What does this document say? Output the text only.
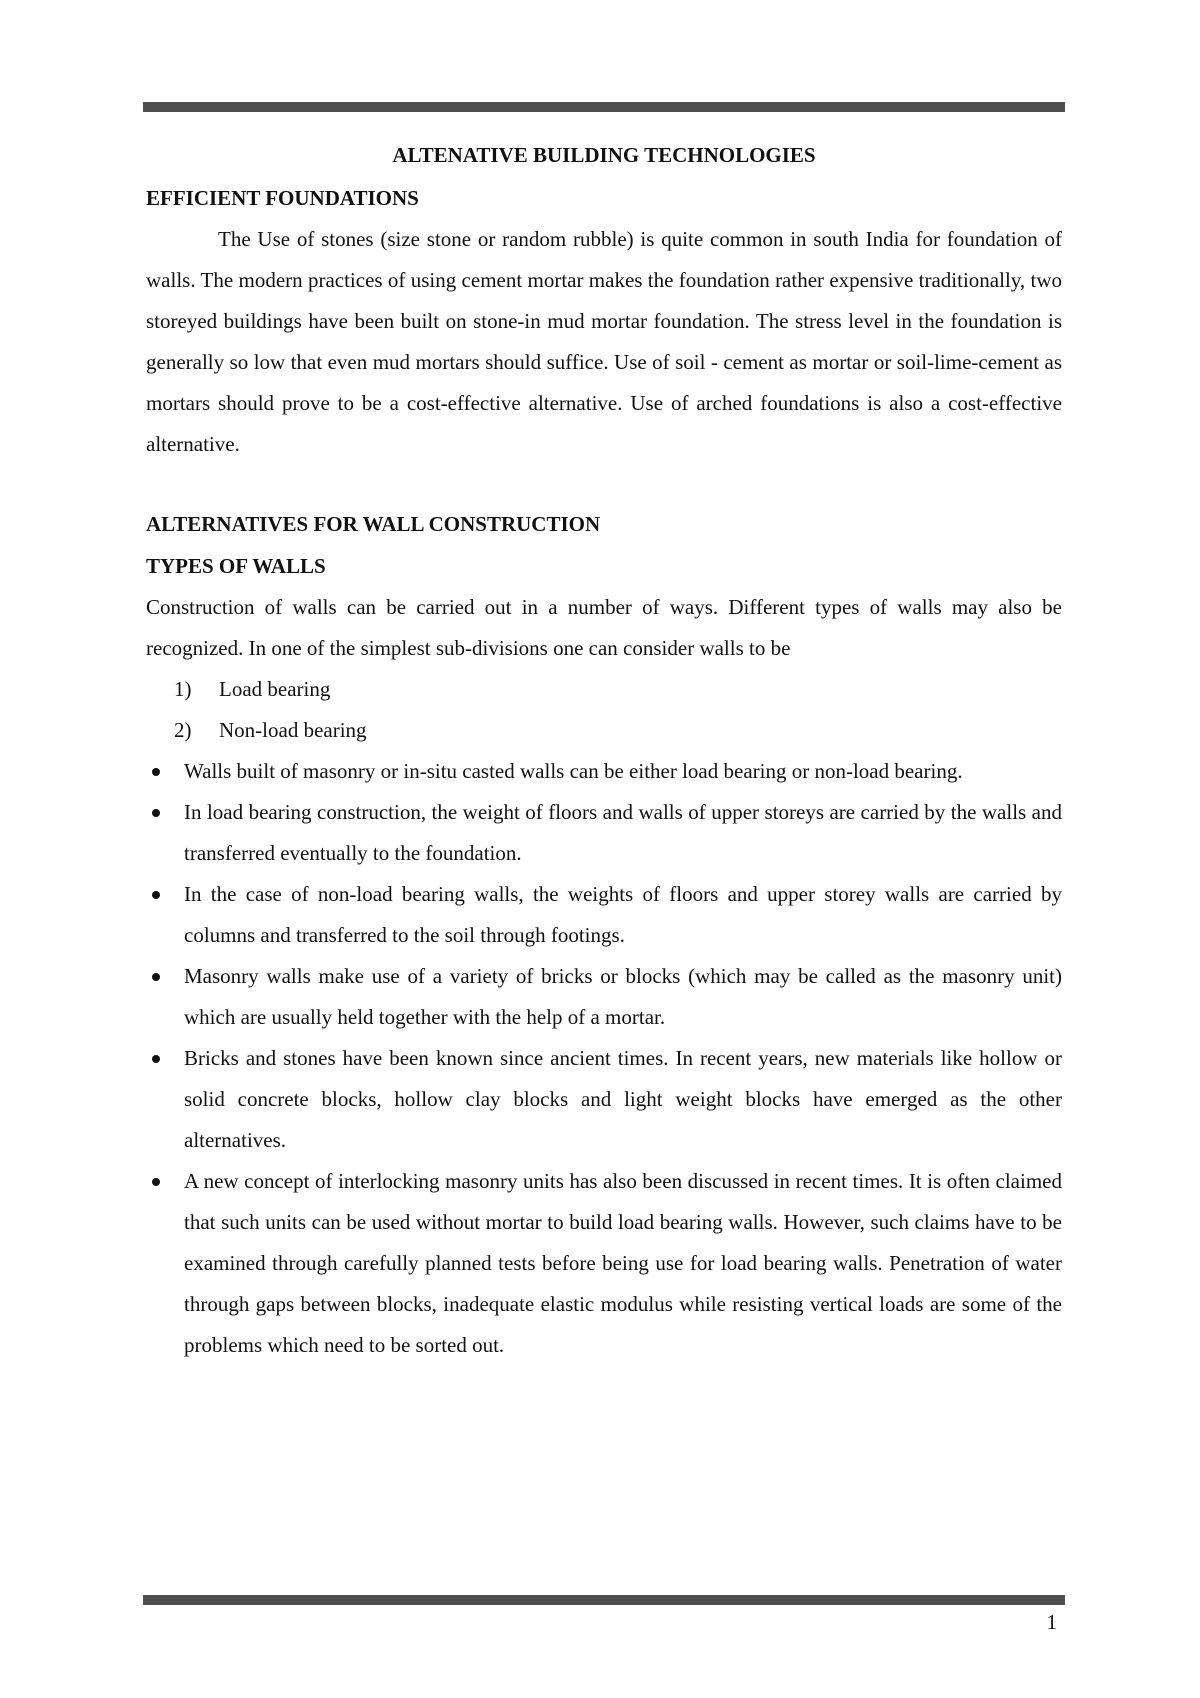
ALTENATIVE BUILDING TECHNOLOGIES
EFFICIENT FOUNDATIONS

The Use of stones (size stone or random rubble) is quite common in south India for foundation of walls. The modern practices of using cement mortar makes the foundation rather expensive traditionally, two storeyed buildings have been built on stone-in mud mortar foundation. The stress level in the foundation is generally so low that even mud mortars should suffice. Use of soil - cement as mortar or soil-lime-cement as mortars should prove to be a cost-effective alternative. Use of arched foundations is also a cost-effective alternative.

ALTERNATIVES FOR WALL CONSTRUCTION
TYPES OF WALLS

Construction of walls can be carried out in a number of ways. Different types of walls may also be recognized. In one of the simplest sub-divisions one can consider walls to be

1)	Load bearing
2)	Non-load bearing
Walls built of masonry or in-situ casted walls can be either load bearing or non-load bearing.
In load bearing construction, the weight of floors and walls of upper storeys are carried by the walls and transferred eventually to the foundation.
In the case of non-load bearing walls, the weights of floors and upper storey walls are carried by columns and transferred to the soil through footings.
Masonry walls make use of a variety of bricks or blocks (which may be called as the masonry unit) which are usually held together with the help of a mortar.
Bricks and stones have been known since ancient times. In recent years, new materials like hollow or solid concrete blocks, hollow clay blocks and light weight blocks have emerged as the other alternatives.
A new concept of interlocking masonry units has also been discussed in recent times. It is often claimed that such units can be used without mortar to build load bearing walls. However, such claims have to be examined through carefully planned tests before being use for load bearing walls. Penetration of water through gaps between blocks, inadequate elastic modulus while resisting vertical loads are some of the problems which need to be sorted out.
1
